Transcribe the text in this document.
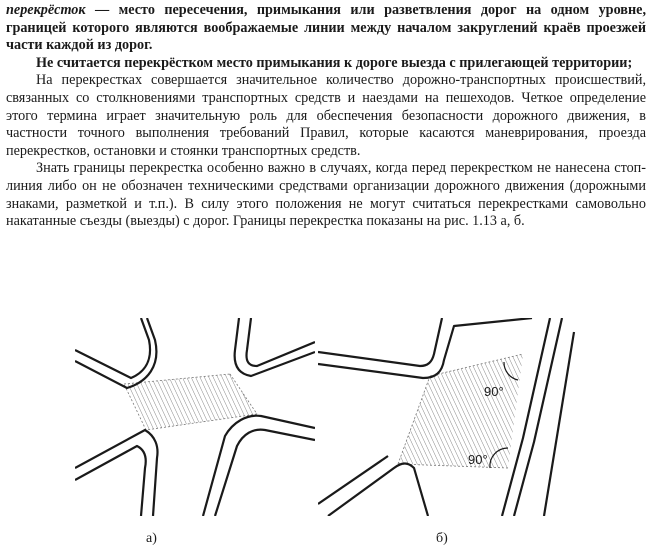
перекрёсток — место пересечения, примыкания или разветвления дорог на одном уровне, границей которого являются воображаемые линии между началом закруглений краёв проезжей части каждой из дорог.

Не считается перекрёстком место примыкания к дороге выезда с прилегающей территории;

На перекрестках совершается значительное количество дорожно-транспортных происшествий, связанных со столкновениями транспортных средств и наездами на пешеходов. Четкое определение этого термина играет значительную роль для обеспечения безопасности дорожного движения, в частности точного выполнения требований Правил, которые касаются маневрирования, проезда перекрестков, остановки и стоянки транспортных средств.

Знать границы перекрестка особенно важно в случаях, когда перед перекрестком не нанесена стоп-линия либо он не обозначен техническими средствами организации дорожного движения (дорожными знаками, разметкой и т.п.). В силу этого положения не могут считаться перекрестками самовольно накатанные съезды (выезды) с дорог. Границы перекрестка показаны на рис. 1.13 а, б.

90°
90°
а)	б)
